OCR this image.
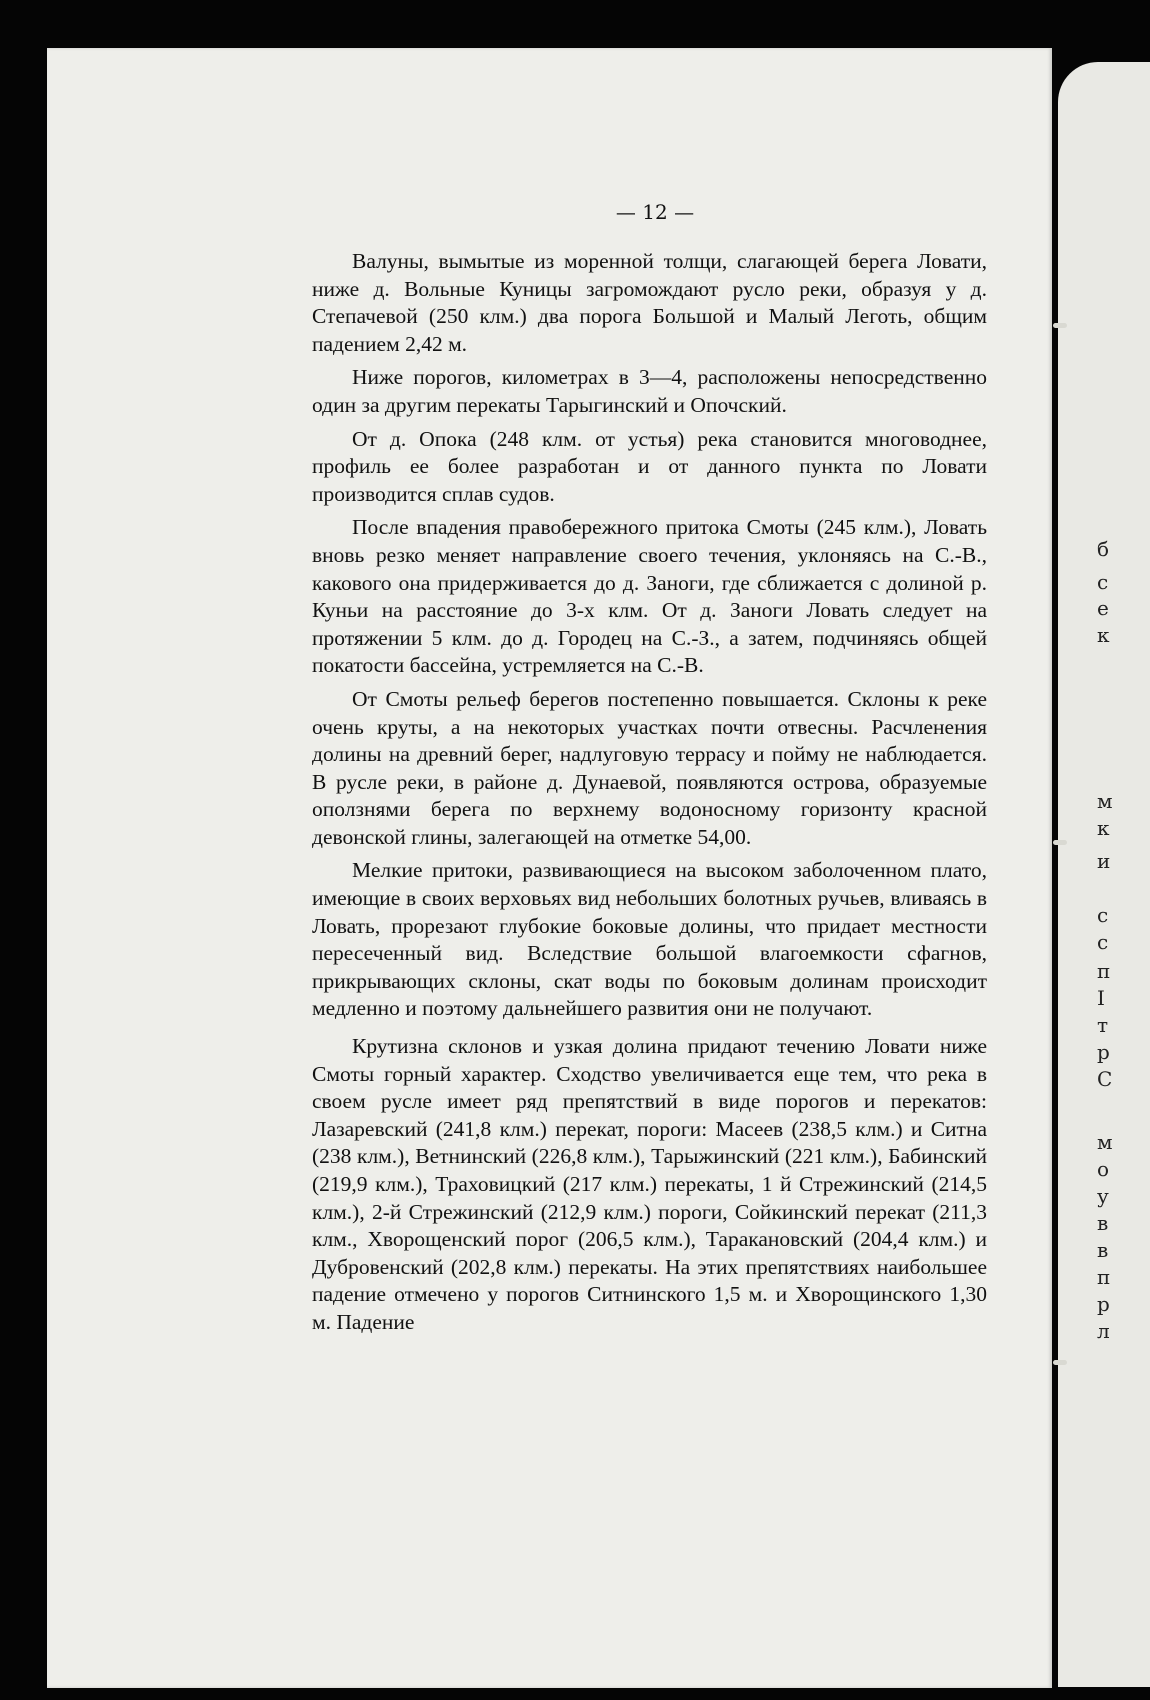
б
с
е
к
м
к
и
с
с
п
I
т
р
С
м
о
у
в
в
п
р
л

— 12 —

Валуны, вымытые из моренной толщи, слагающей берега Ловати, ниже д. Вольные Куницы загромождают русло реки, образуя у д. Степачевой (250 клм.) два порога Большой и Малый Леготь, общим падением 2,42 м.

Ниже порогов, километрах в 3—4, расположены непосредственно один за другим перекаты Тарыгинский и Опочский.

От д. Опока (248 клм. от устья) река становится многоводнее, профиль ее более разработан и от данного пункта по Ловати производится сплав судов.

После впадения правобережного притока Смоты (245 клм.), Ловать вновь резко меняет направление своего течения, уклоняясь на С.-В., какового она придерживается до д. Заноги, где сближается с долиной р. Куньи на расстояние до 3-х клм. От д. Заноги Ловать следует на протяжении 5 клм. до д. Городец на С.-З., а затем, подчиняясь общей покатости бассейна, устремляется на С.-В.

От Смоты рельеф берегов постепенно повышается. Склоны к реке очень круты, а на некоторых участках почти отвесны. Расчленения долины на древний берег, надлуговую террасу и пойму не наблюдается. В русле реки, в районе д. Дунаевой, появляются острова, образуемые оползнями берега по верхнему водоносному горизонту красной девонской глины, залегающей на отметке 54,00.

Мелкие притоки, развивающиеся на высоком заболоченном плато, имеющие в своих верховьях вид небольших болотных ручьев, вливаясь в Ловать, прорезают глубокие боковые долины, что придает местности пересеченный вид. Вследствие большой влагоемкости сфагнов, прикрывающих склоны, скат воды по боковым долинам происходит медленно и поэтому дальнейшего развития они не получают.

Крутизна склонов и узкая долина придают течению Ловати ниже Смоты горный характер. Сходство увеличивается еще тем, что река в своем русле имеет ряд препятствий в виде порогов и перекатов: Лазаревский (241,8 клм.) перекат, пороги: Масеев (238,5 клм.) и Ситна (238 клм.), Ветнинский (226,8 клм.), Тарыжинский (221 клм.), Бабинский (219,9 клм.), Траховицкий (217 клм.) перекаты, 1 й Стрежинский (214,5 клм.), 2-й Стрежинский (212,9 клм.) пороги, Сойкинский перекат (211,3 клм., Хворощенский порог (206,5 клм.), Таракановский (204,4 клм.) и Дубровенский (202,8 клм.) перекаты. На этих препятствиях наибольшее падение отмечено у порогов Ситнинского 1,5 м. и Хворощинского 1,30 м. Падение
